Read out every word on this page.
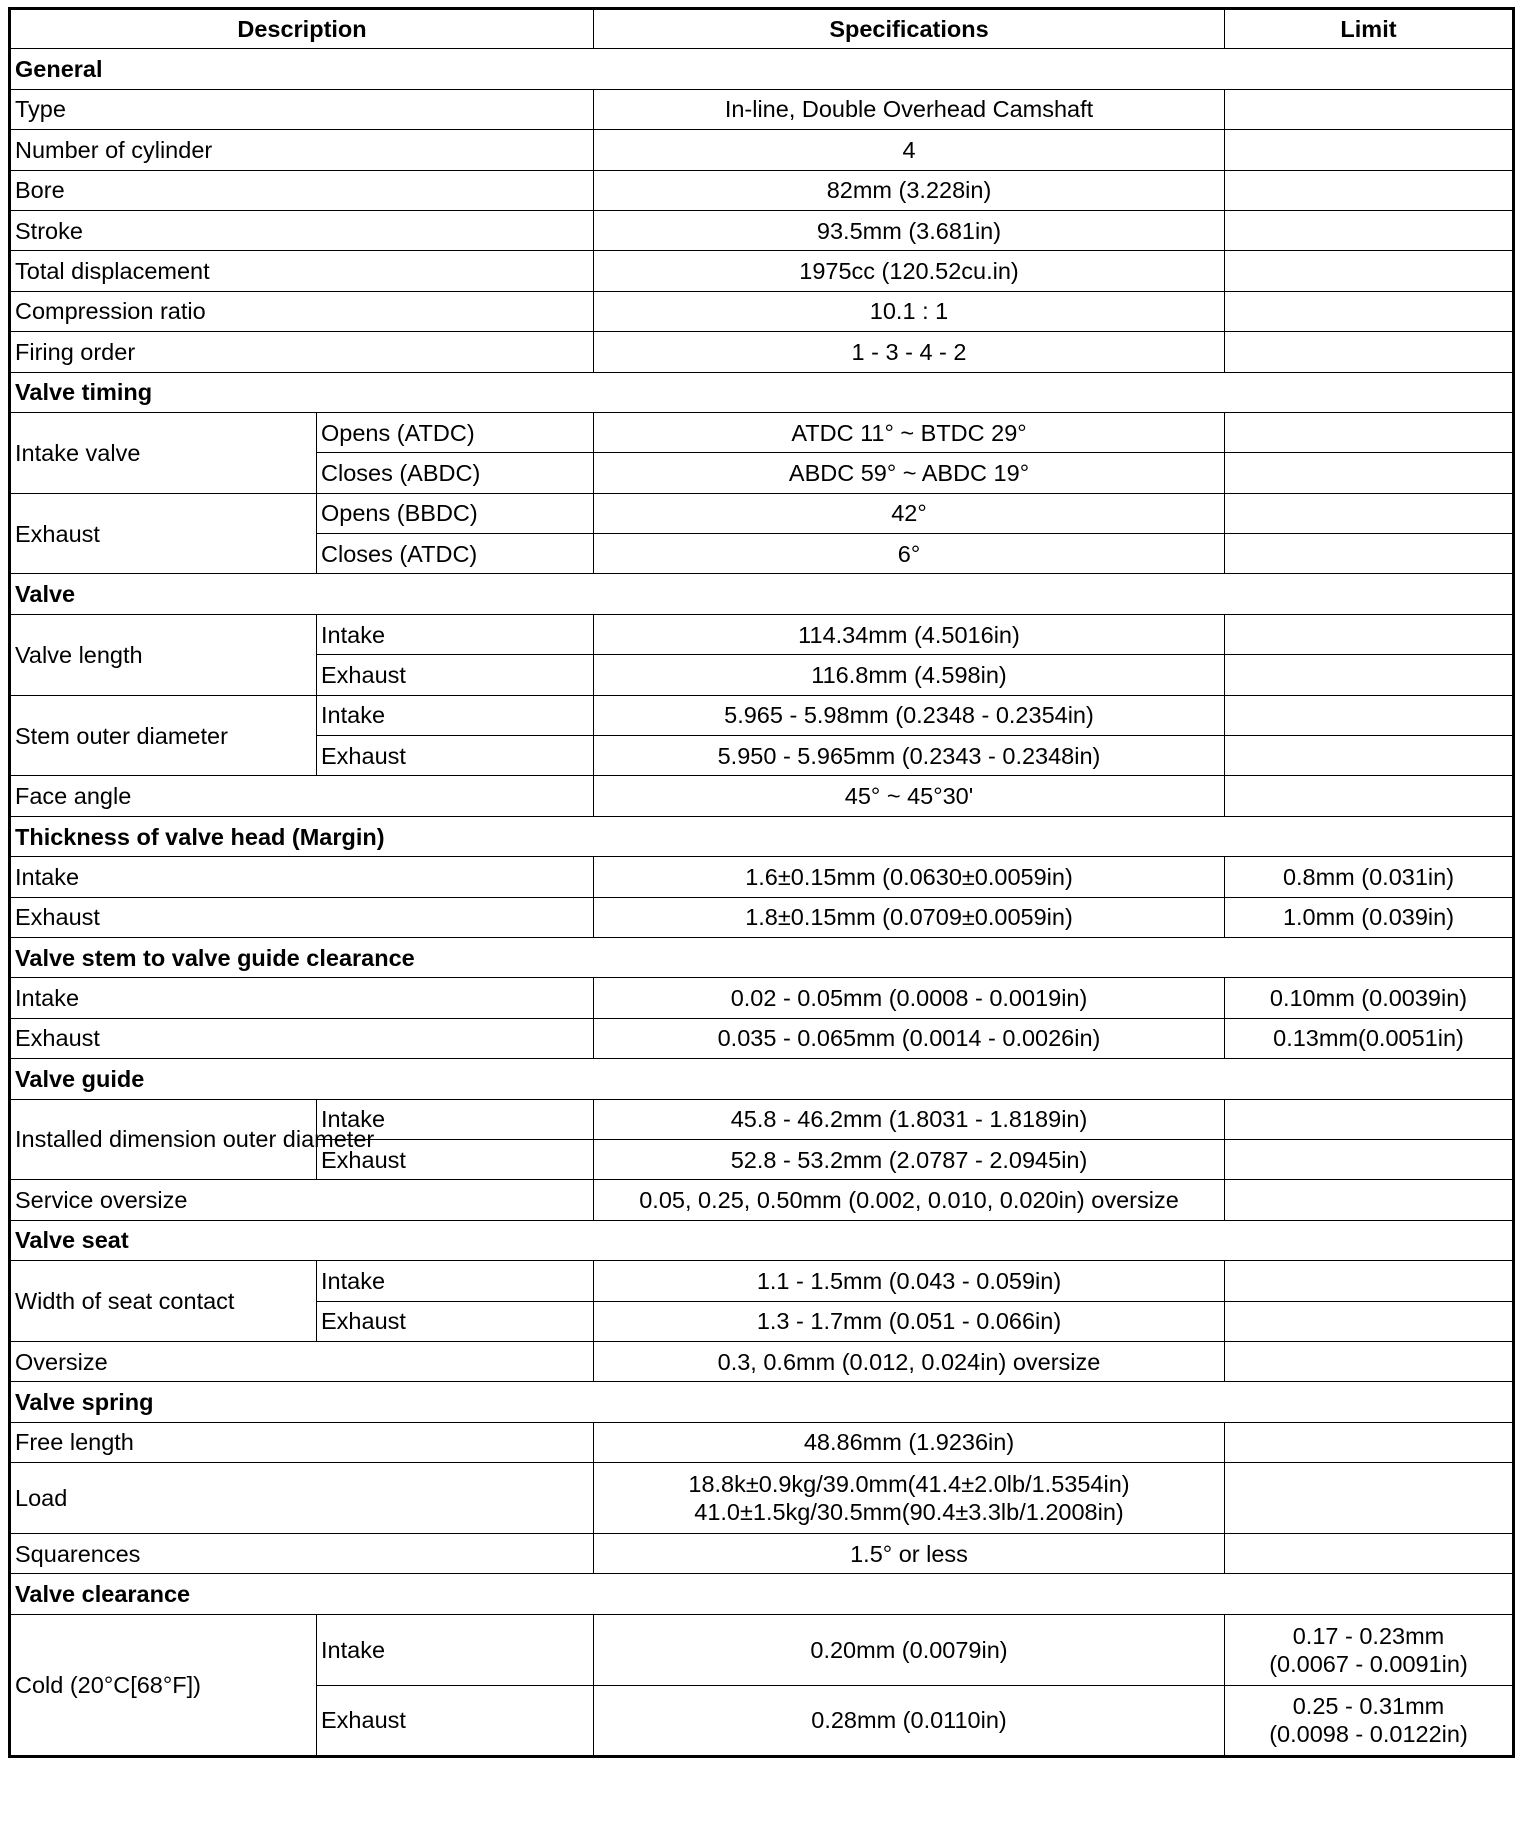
Description		Specifications	Limit
General			
Type		In-line, Double Overhead Camshaft	
Number of cylinder		4	
Bore		82mm (3.228in)	
Stroke		93.5mm (3.681in)	
Total displacement		1975cc (120.52cu.in)	
Compression ratio		10.1 : 1	
Firing order		1 - 3 - 4 - 2	
Valve timing			
Intake valve	Opens (ATDC)	ATDC 11° ~ BTDC 29°	
	Closes (ABDC)	ABDC 59° ~ ABDC 19°	
Exhaust	Opens (BBDC)	42°	
	Closes (ATDC)	6°	
Valve			
Valve length	Intake	114.34mm (4.5016in)	
	Exhaust	116.8mm (4.598in)	
Stem outer diameter	Intake	5.965 - 5.98mm (0.2348 - 0.2354in)	
	Exhaust	5.950 - 5.965mm (0.2343 - 0.2348in)	
Face angle		45° ~ 45°30'	
Thickness of valve head (Margin)			
Intake		1.6±0.15mm (0.0630±0.0059in)	0.8mm (0.031in)
Exhaust		1.8±0.15mm (0.0709±0.0059in)	1.0mm (0.039in)
Valve stem to valve guide clearance			
Intake		0.02 - 0.05mm (0.0008 - 0.0019in)	0.10mm (0.0039in)
Exhaust		0.035 - 0.065mm (0.0014 - 0.0026in)	0.13mm(0.0051in)
Valve guide			
Installed dimension outer diameter	Intake	45.8 - 46.2mm (1.8031 - 1.8189in)	
	Exhaust	52.8 - 53.2mm (2.0787 - 2.0945in)	
Service oversize		0.05, 0.25, 0.50mm (0.002, 0.010, 0.020in) oversize	
Valve seat			
Width of seat contact	Intake	1.1 - 1.5mm (0.043 - 0.059in)	
	Exhaust	1.3 - 1.7mm (0.051 - 0.066in)	
Oversize		0.3, 0.6mm (0.012, 0.024in) oversize	
Valve spring			
Free length		48.86mm (1.9236in)	
Load		18.8k±0.9kg/39.0mm(41.4±2.0lb/1.5354in)
41.0±1.5kg/30.5mm(90.4±3.3lb/1.2008in)	

Squarences		1.5° or less	
Valve clearance			
Cold (20°C[68°F])	Intake	0.20mm (0.0079in)	0.17 - 0.23mm
(0.0067 - 0.0091in)

	Exhaust	0.28mm (0.0110in)	0.25 - 0.31mm
(0.0098 - 0.0122in)
